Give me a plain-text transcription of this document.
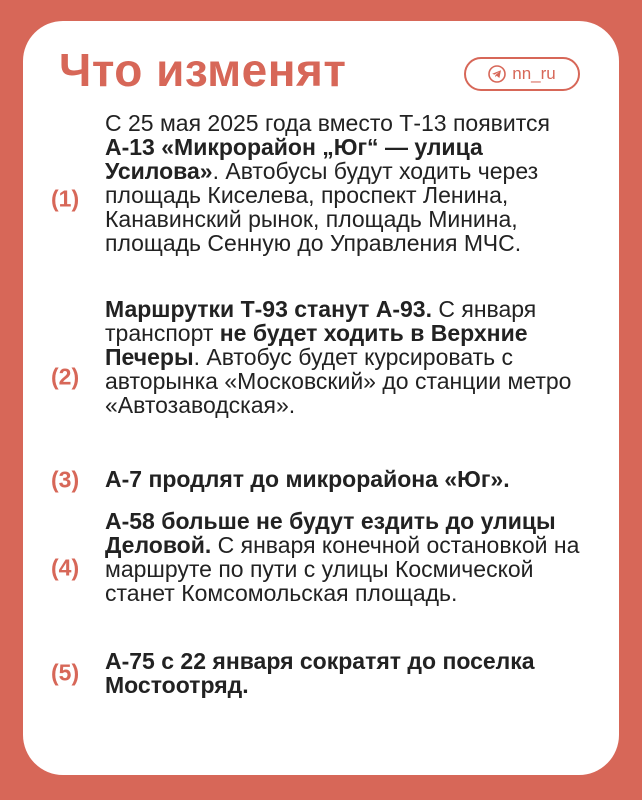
Что изменят	nn_ru
(1)
С 25 мая 2025 года вместо Т-13 появится А-13 «Микрорайон „Юг“ — улица Усилова». Автобусы будут ходить через площадь Киселева, проспект Ленина, Канавинский рынок, площадь Минина, площадь Сенную до Управления МЧС.
(2)
Маршрутки Т-93 станут А-93. С января транспорт не будет ходить в Верхние Печеры. Автобус будет курсировать с авторынка «Московский» до станции метро «Автозаводская».
(3) А-7 продлят до микрорайона «Юг».
(4)
А-58 больше не будут ездить до улицы Деловой. С января конечной остановкой на маршруте по пути с улицы Космической станет Комсомольская площадь.
(5) А-75 с 22 января сократят до поселка Мостоотряд.
